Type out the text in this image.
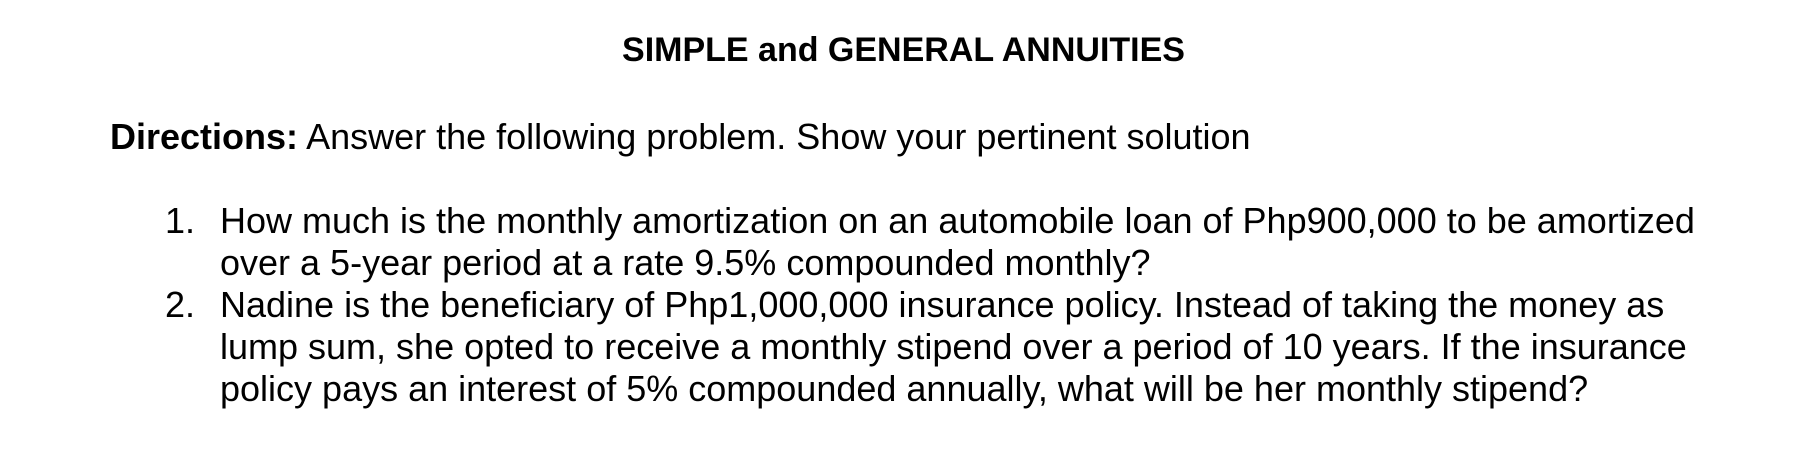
SIMPLE and GENERAL ANNUITIES
Directions: Answer the following problem. Show your pertinent solution
1. How much is the monthly amortization on an automobile loan of Php900,000 to be amortized
over a 5-year period at a rate 9.5% compounded monthly?
2. Nadine is the beneficiary of Php1,000,000 insurance policy. Instead of taking the money as
lump sum, she opted to receive a monthly stipend over a period of 10 years. If the insurance
policy pays an interest of 5% compounded annually, what will be her monthly stipend?
